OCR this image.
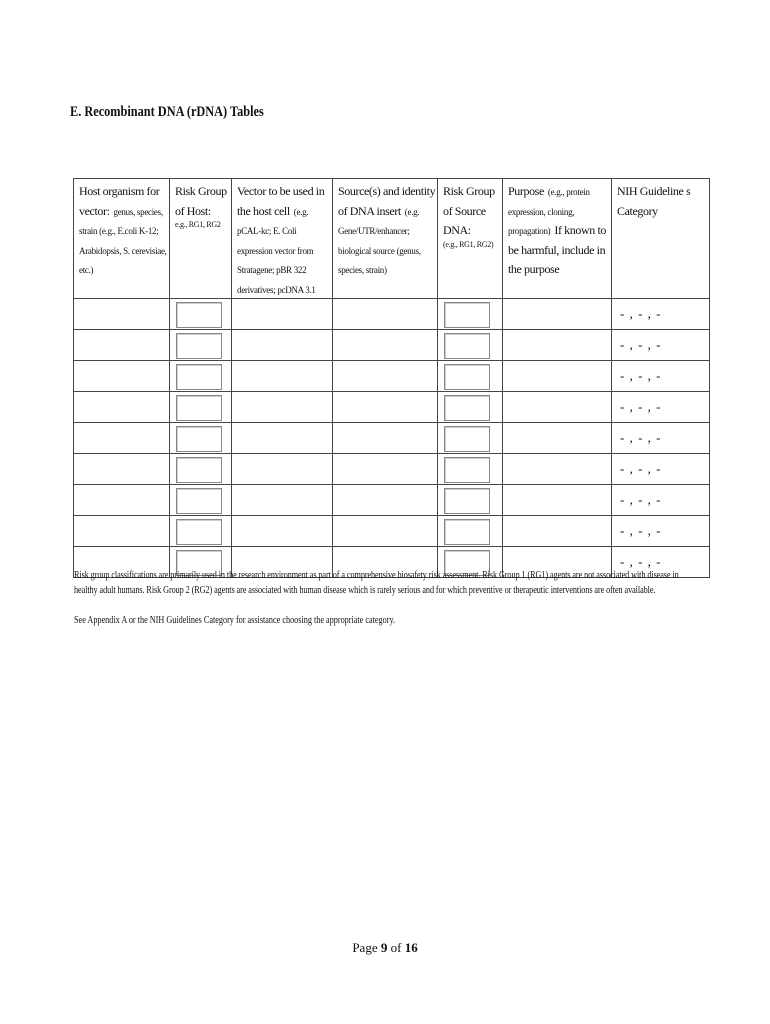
E. Recombinant DNA (rDNA) Tables
Host organism for vector: genus, species, strain (e.g., E.coli K-12; Arabidopsis, S. cerevisiae, etc.)	Risk Group of Host:
e.g., RG1, RG2	Vector to be used in the host cell (e.g. pCAL-kc; E. Coli expression vector from Stratagene; pBR 322 derivatives; pcDNA 3.1	Source(s) and identity of DNA insert (e.g. Gene/UTR/enhancer; biological source (genus, species, strain)	Risk Group of Source DNA:
(e.g., RG1, RG2)	Purpose (e.g., protein expression, cloning, propagation) If known to be harmful, include in the purpose	NIH Guideline s Category

						- , - , -

						- , - , -

						- , - , -

						- , - , -

						- , - , -

						- , - , -

						- , - , -

						- , - , -

						- , - , -
Risk group classifications are primarily used in the research environment as part of a comprehensive biosafety risk assessment. Risk Group 1 (RG1) agents are not associated with disease in healthy adult humans. Risk Group 2 (RG2) agents are associated with human disease which is rarely serious and for which preventive or therapeutic interventions are often available.
See Appendix A or the NIH Guidelines Category for assistance choosing the appropriate category.
Page 9 of 16
